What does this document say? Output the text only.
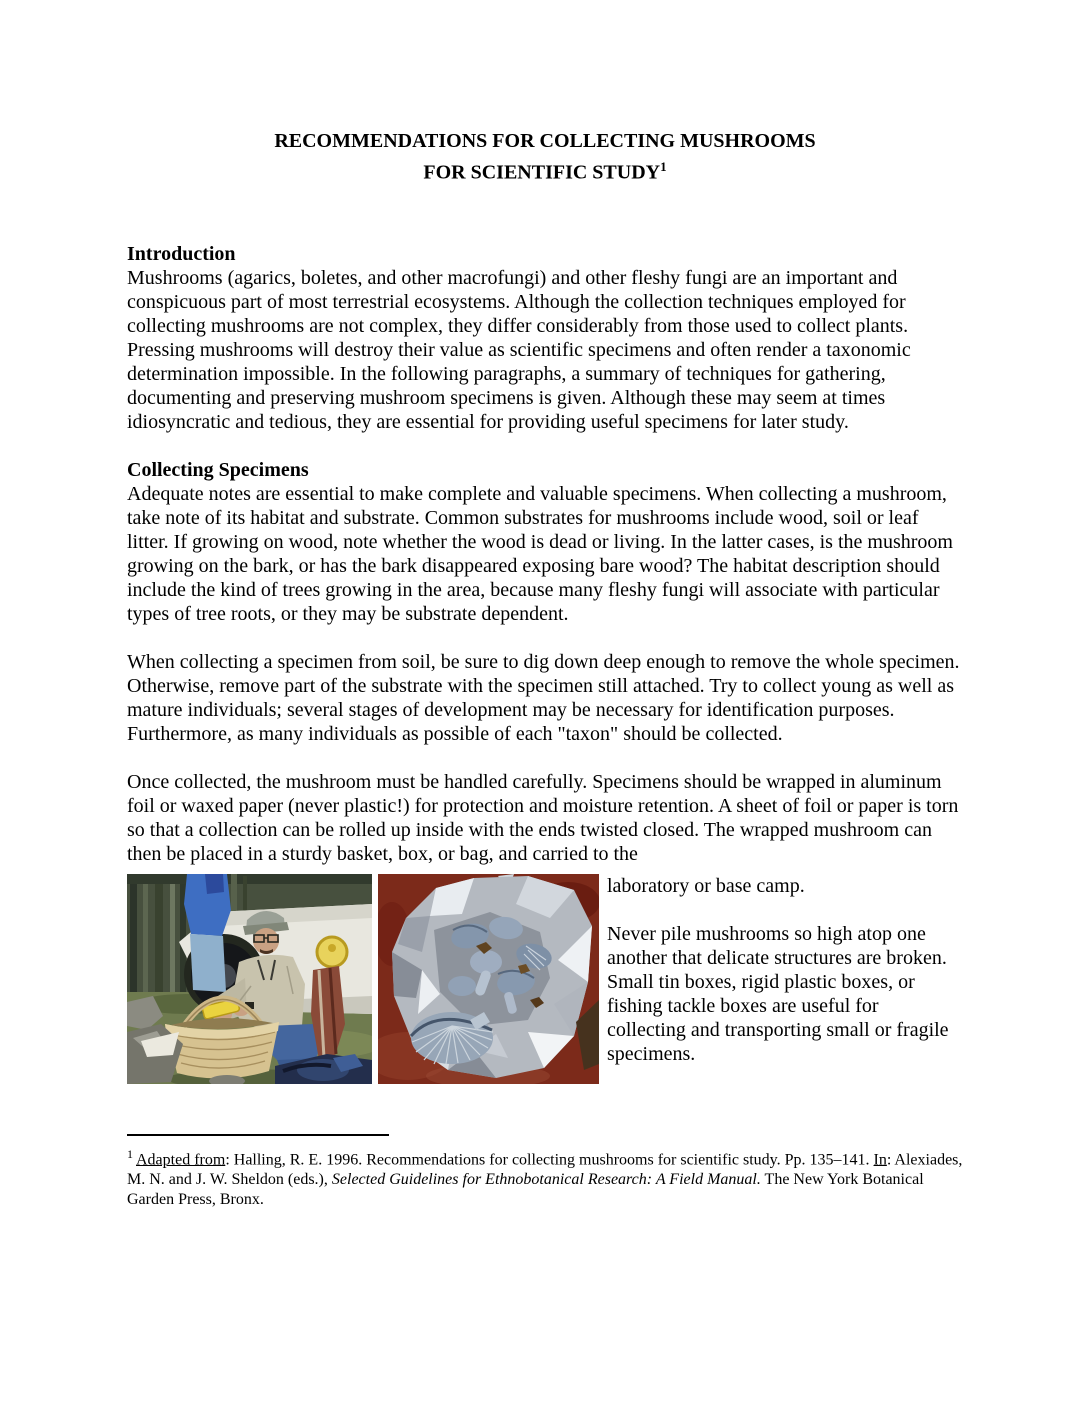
RECOMMENDATIONS FOR COLLECTING MUSHROOMS
FOR SCIENTIFIC STUDY$^1$
Introduction

Mushrooms (agarics, boletes, and other macrofungi) and other fleshy fungi are an important and conspicuous part of most terrestrial ecosystems. Although the collection techniques employed for collecting mushrooms are not complex, they differ considerably from those used to collect plants. Pressing mushrooms will destroy their value as scientific specimens and often render a taxonomic determination impossible. In the following paragraphs, a summary of techniques for gathering, documenting and preserving mushroom specimens is given. Although these may seem at times idiosyncratic and tedious, they are essential for providing useful specimens for later study.

Collecting Specimens

Adequate notes are essential to make complete and valuable specimens. When collecting a mushroom, take note of its habitat and substrate. Common substrates for mushrooms include wood, soil or leaf litter. If growing on wood, note whether the wood is dead or living. In the latter cases, is the mushroom growing on the bark, or has the bark disappeared exposing bare wood? The habitat description should include the kind of trees growing in the area, because many fleshy fungi will associate with particular types of tree roots, or they may be substrate dependent.

When collecting a specimen from soil, be sure to dig down deep enough to remove the whole specimen. Otherwise, remove part of the substrate with the specimen still attached. Try to collect young as well as mature individuals; several stages of development may be necessary for identification purposes. Furthermore, as many individuals as possible of each "taxon" should be collected.

Once collected, the mushroom must be handled carefully. Specimens should be wrapped in aluminum foil or waxed paper (never plastic!) for protection and moisture retention. A sheet of foil or paper is torn so that a collection can be rolled up inside with the ends twisted closed. The wrapped mushroom can then be placed in a sturdy basket, box, or bag, and carried to the

laboratory or base camp.

Never pile mushrooms so high atop one another that delicate structures are broken. Small tin boxes, rigid plastic boxes, or fishing tackle boxes are useful for collecting and transporting small or fragile specimens.

$^1$ Adapted from: Halling, R. E. 1996. Recommendations for collecting mushrooms for scientific study. Pp. 135–141. In: Alexiades, M. N. and J. W. Sheldon (eds.), Selected Guidelines for Ethnobotanical Research: A Field Manual. The New York Botanical Garden Press, Bronx.
